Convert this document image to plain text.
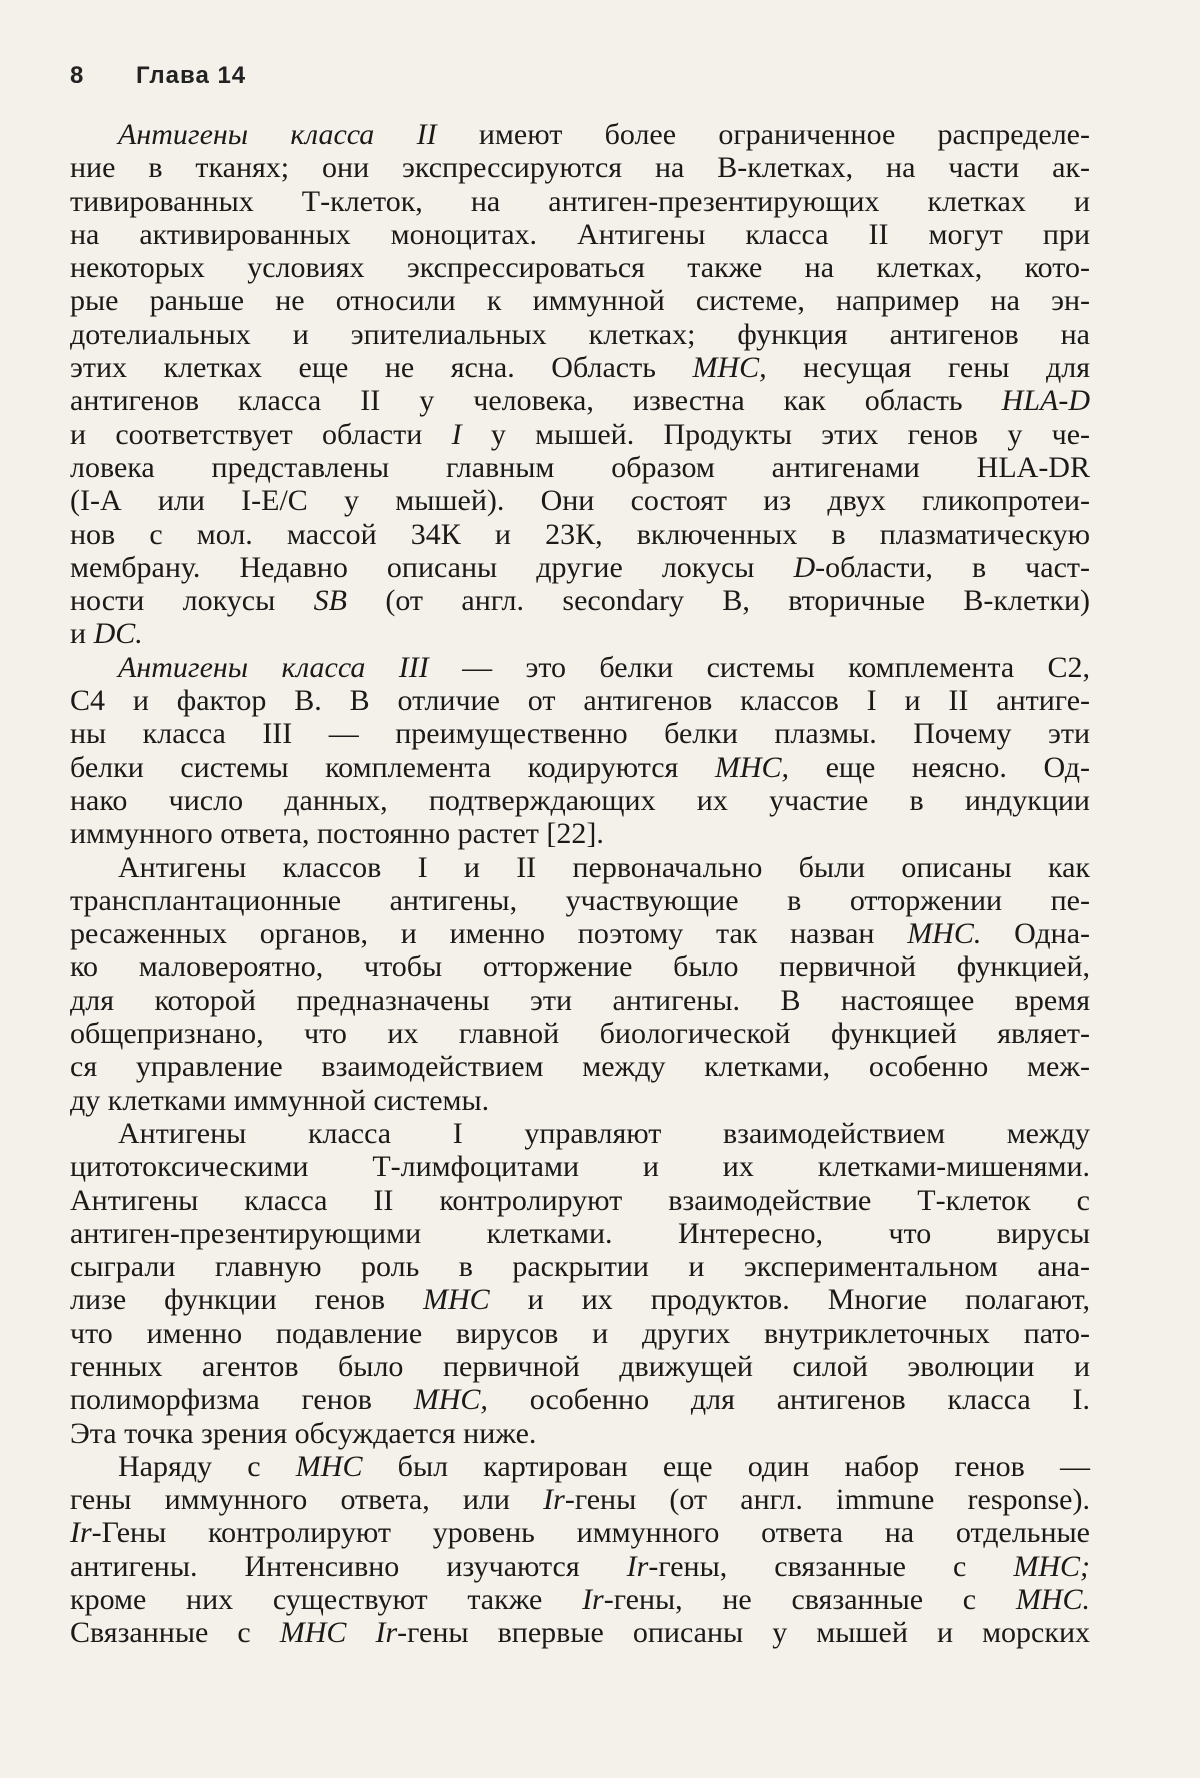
8 Глава 14
Антигены класса II имеют более ограниченное распределе-
ние в тканях; они экспрессируются на В-клетках, на части ак-
тивированных Т-клеток, на антиген-презентирующих клетках и
на активированных моноцитах. Антигены класса II могут при
некоторых условиях экспрессироваться также на клетках, кото-
рые раньше не относили к иммунной системе, например на эн-
дотелиальных и эпителиальных клетках; функция антигенов на
этих клетках еще не ясна. Область MHC, несущая гены для
антигенов класса II у человека, известна как область HLA-D
и соответствует области I у мышей. Продукты этих генов у че-
ловека представлены главным образом антигенами HLA-DR
(I-А или I-Е/С у мышей). Они состоят из двух гликопротеи-
нов с мол. массой 34К и 23К, включенных в плазматическую
мембрану. Недавно описаны другие локусы D-области, в част-
ности локусы SB (от англ. secondary В, вторичные В-клетки)
и DC.
Антигены класса III — это белки системы комплемента С2,
С4 и фактор В. В отличие от антигенов классов I и II антиге-
ны класса III — преимущественно белки плазмы. Почему эти
белки системы комплемента кодируются MHC, еще неясно. Од-
нако число данных, подтверждающих их участие в индукции
иммунного ответа, постоянно растет [22].
Антигены классов I и II первоначально были описаны как
трансплантационные антигены, участвующие в отторжении пе-
ресаженных органов, и именно поэтому так назван MHC. Одна-
ко маловероятно, чтобы отторжение было первичной функцией,
для которой предназначены эти антигены. В настоящее время
общепризнано, что их главной биологической функцией являет-
ся управление взаимодействием между клетками, особенно меж-
ду клетками иммунной системы.
Антигены класса I управляют взаимодействием между
цитотоксическими Т-лимфоцитами и их клетками-мишенями.
Антигены класса II контролируют взаимодействие Т-клеток с
антиген-презентирующими клетками. Интересно, что вирусы
сыграли главную роль в раскрытии и экспериментальном ана-
лизе функции генов MHC и их продуктов. Многие полагают,
что именно подавление вирусов и других внутриклеточных пато-
генных агентов было первичной движущей силой эволюции и
полиморфизма генов MHC, особенно для антигенов класса I.
Эта точка зрения обсуждается ниже.
Наряду с MHC был картирован еще один набор генов —
гены иммунного ответа, или Ir-гены (от англ. immune response).
Ir-Гены контролируют уровень иммунного ответа на отдельные
антигены. Интенсивно изучаются Ir-гены, связанные с MHC;
кроме них существуют также Ir-гены, не связанные с MHC.
Связанные с MHC Ir-гены впервые описаны у мышей и морских
